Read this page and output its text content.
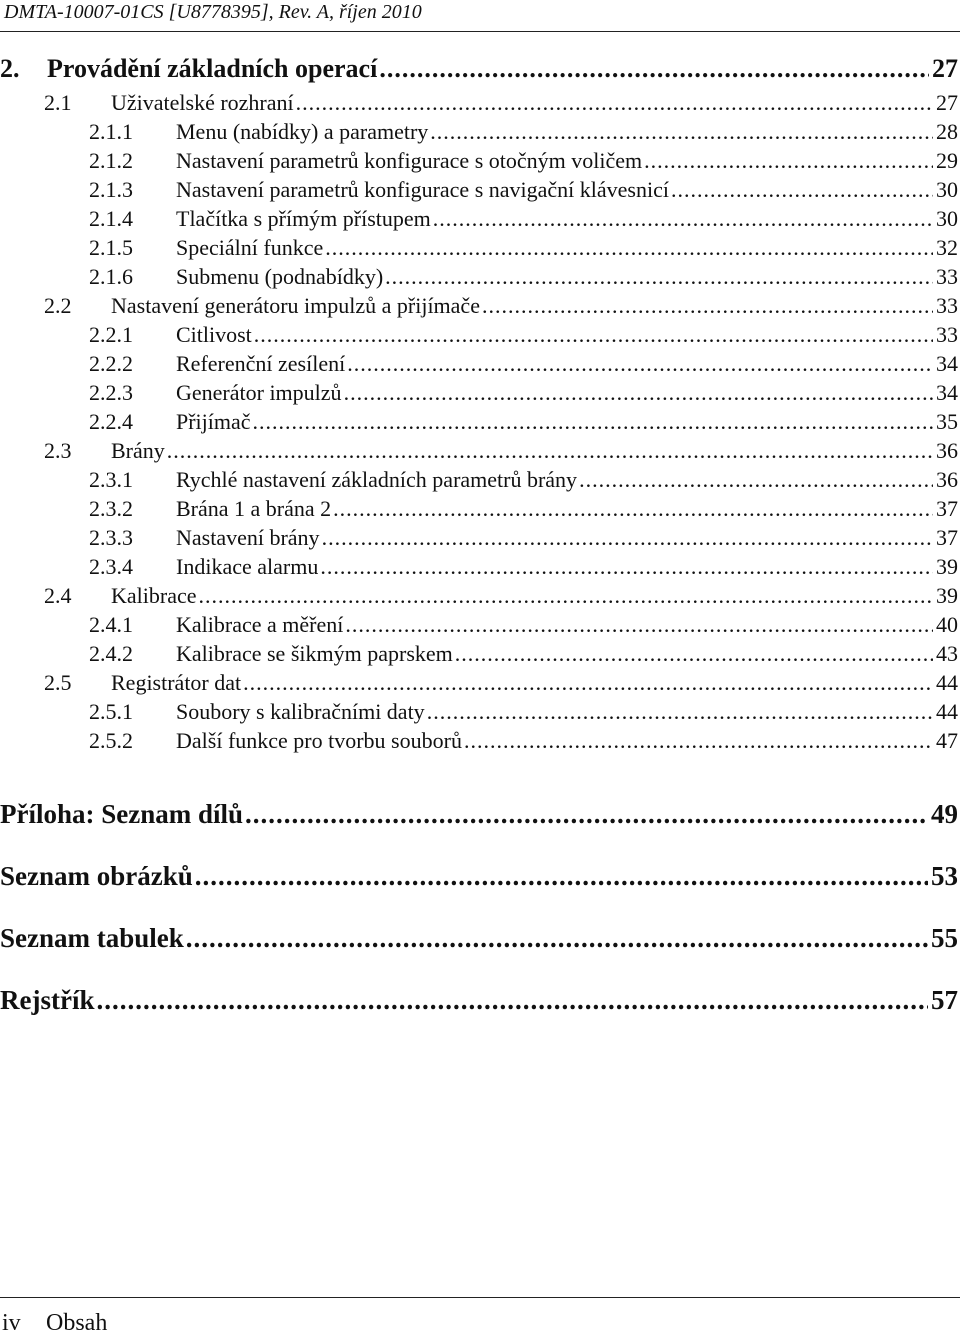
DMTA-10007-01CS [U8778395], Rev. A, říjen 2010
2.	Provádění základních operací .....	27
2.1	Uživatelské rozhraní .....	27
2.1.1	Menu (nabídky) a parametry .....	28
2.1.2	Nastavení parametrů konfigurace s otočným voličem .....	29
2.1.3	Nastavení parametrů konfigurace s navigační klávesnicí .....	30
2.1.4	Tlačítka s přímým přístupem .....	30
2.1.5	Speciální funkce .....	32
2.1.6	Submenu (podnabídky) .....	33
2.2	Nastavení generátoru impulzů a přijímače .....	33
2.2.1	Citlivost .....	33
2.2.2	Referenční zesílení .....	34
2.2.3	Generátor impulzů .....	34
2.2.4	Přijímač .....	35
2.3	Brány .....	36
2.3.1	Rychlé nastavení základních parametrů brány .....	36
2.3.2	Brána 1 a brána 2 .....	37
2.3.3	Nastavení brány .....	37
2.3.4	Indikace alarmu .....	39
2.4	Kalibrace .....	39
2.4.1	Kalibrace a měření .....	40
2.4.2	Kalibrace se šikmým paprskem .....	43
2.5	Registrátor dat .....	44
2.5.1	Soubory s kalibračními daty .....	44
2.5.2	Další funkce pro tvorbu souborů .....	47
Příloha: Seznam dílů .....	49
Seznam obrázků .....	53
Seznam tabulek .....	55
Rejstřík .....	57
iv Obsah
